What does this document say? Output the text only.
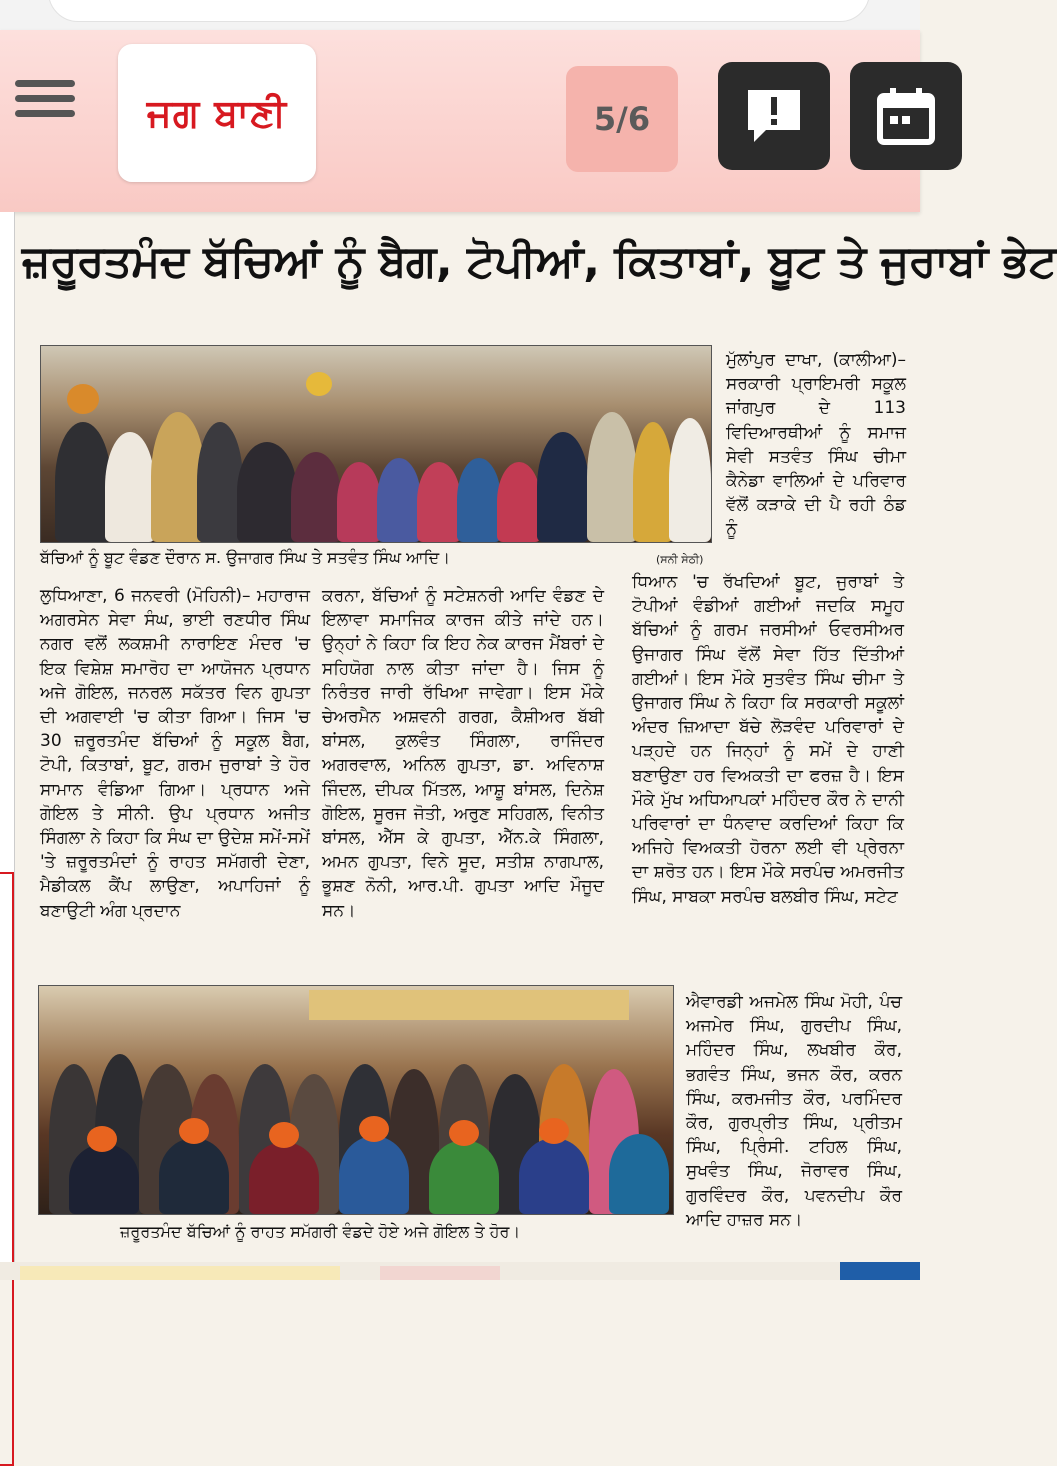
ਜਗ ਬਾਣੀ	5/6
ਜ਼ਰੂਰਤਮੰਦ ਬੱਚਿਆਂ ਨੂੰ ਬੈਗ, ਟੋਪੀਆਂ, ਕਿਤਾਬਾਂ, ਬੂਟ ਤੇ ਜੁਰਾਬਾਂ ਭੇਟ
ਬੱਚਿਆਂ ਨੂੰ ਬੂਟ ਵੰਡਣ ਦੌਰਾਨ ਸ. ਉਜਾਗਰ ਸਿੰਘ ਤੇ ਸਤਵੰਤ ਸਿੰਘ ਆਦਿ।	(ਸਨੀ ਸੇਠੀ)

ਮੁੱਲਾਂਪੁਰ ਦਾਖਾ, (ਕਾਲੀਆ)– ਸਰਕਾਰੀ ਪ੍ਰਾਇਮਰੀ ਸਕੂਲ ਜਾਂਗਪੁਰ ਦੇ 113 ਵਿਦਿਆਰਥੀਆਂ ਨੂੰ ਸਮਾਜ ਸੇਵੀ ਸਤਵੰਤ ਸਿੰਘ ਚੀਮਾ ਕੈਨੇਡਾ ਵਾਲਿਆਂ ਦੇ ਪਰਿਵਾਰ ਵੱਲੋਂ ਕੜਾਕੇ ਦੀ ਪੈ ਰਹੀ ਠੰਡ ਨੂੰ

ਧਿਆਨ 'ਚ ਰੱਖਦਿਆਂ ਬੂਟ, ਜੁਰਾਬਾਂ ਤੇ ਟੋਪੀਆਂ ਵੰਡੀਆਂ ਗਈਆਂ ਜਦਕਿ ਸਮੂਹ ਬੱਚਿਆਂ ਨੂੰ ਗਰਮ ਜਰਸੀਆਂ ਓਵਰਸੀਅਰ ਉਜਾਗਰ ਸਿੰਘ ਵੱਲੋਂ ਸੇਵਾ ਹਿੱਤ ਦਿੱਤੀਆਂ ਗਈਆਂ। ਇਸ ਮੌਕੇ ਸੁਤਵੰਤ ਸਿੰਘ ਚੀਮਾ ਤੇ ਉਜਾਗਰ ਸਿੰਘ ਨੇ ਕਿਹਾ ਕਿ ਸਰਕਾਰੀ ਸਕੂਲਾਂ ਅੰਦਰ ਜ਼ਿਆਦਾ ਬੱਚੇ ਲੋੜਵੰਦ ਪਰਿਵਾਰਾਂ ਦੇ ਪੜ੍ਹਦੇ ਹਨ ਜਿਨ੍ਹਾਂ ਨੂੰ ਸਮੇਂ ਦੇ ਹਾਣੀ ਬਣਾਉਣਾ ਹਰ ਵਿਅਕਤੀ ਦਾ ਫਰਜ਼ ਹੈ। ਇਸ ਮੌਕੇ ਮੁੱਖ ਅਧਿਆਪਕਾਂ ਮਹਿੰਦਰ ਕੌਰ ਨੇ ਦਾਨੀ ਪਰਿਵਾਰਾਂ ਦਾ ਧੰਨਵਾਦ ਕਰਦਿਆਂ ਕਿਹਾ ਕਿ ਅਜਿਹੇ ਵਿਅਕਤੀ ਹੋਰਨਾ ਲਈ ਵੀ ਪ੍ਰੇਰਨਾ ਦਾ ਸ਼ਰੋਤ ਹਨ। ਇਸ ਮੌਕੇ ਸਰਪੰਚ ਅਮਰਜੀਤ ਸਿੰਘ, ਸਾਬਕਾ ਸਰਪੰਚ ਬਲਬੀਰ ਸਿੰਘ, ਸਟੇਟ

ਲੁਧਿਆਣਾ, 6 ਜਨਵਰੀ (ਮੋਹਿਨੀ)– ਮਹਾਰਾਜ ਅਗਰਸੇਨ ਸੇਵਾ ਸੰਘ, ਭਾਈ ਰਣਧੀਰ ਸਿੰਘ ਨਗਰ ਵਲੋਂ ਲਕਸ਼ਮੀ ਨਾਰਾਇਣ ਮੰਦਰ 'ਚ ਇਕ ਵਿਸ਼ੇਸ਼ ਸਮਾਰੋਹ ਦਾ ਆਯੋਜਨ ਪ੍ਰਧਾਨ ਅਜੇ ਗੋਇਲ, ਜਨਰਲ ਸਕੱਤਰ ਵਿਨ ਗੁਪਤਾ ਦੀ ਅਗਵਾਈ 'ਚ ਕੀਤਾ ਗਿਆ। ਜਿਸ 'ਚ 30 ਜ਼ਰੂਰਤਮੰਦ ਬੱਚਿਆਂ ਨੂੰ ਸਕੂਲ ਬੈਗ, ਟੋਪੀ, ਕਿਤਾਬਾਂ, ਬੂਟ, ਗਰਮ ਜੁਰਾਬਾਂ ਤੇ ਹੋਰ ਸਾਮਾਨ ਵੰਡਿਆ ਗਿਆ। ਪ੍ਰਧਾਨ ਅਜੇ ਗੋਇਲ ਤੇ ਸੀਨੀ. ਉਪ ਪ੍ਰਧਾਨ ਅਜੀਤ ਸਿੰਗਲਾ ਨੇ ਕਿਹਾ ਕਿ ਸੰਘ ਦਾ ਉਦੇਸ਼ ਸਮੇਂ-ਸਮੇਂ 'ਤੇ ਜ਼ਰੂਰਤਮੰਦਾਂ ਨੂੰ ਰਾਹਤ ਸਮੱਗਰੀ ਦੇਣਾ, ਮੈਡੀਕਲ ਕੈਂਪ ਲਾਉਣਾ, ਅਪਾਹਿਜਾਂ ਨੂੰ ਬਣਾਉਟੀ ਅੰਗ ਪ੍ਰਦਾਨ

ਕਰਨਾ, ਬੱਚਿਆਂ ਨੂੰ ਸਟੇਸ਼ਨਰੀ ਆਦਿ ਵੰਡਣ ਦੇ ਇਲਾਵਾ ਸਮਾਜਿਕ ਕਾਰਜ ਕੀਤੇ ਜਾਂਦੇ ਹਨ। ਉਨ੍ਹਾਂ ਨੇ ਕਿਹਾ ਕਿ ਇਹ ਨੇਕ ਕਾਰਜ ਮੈਂਬਰਾਂ ਦੇ ਸਹਿਯੋਗ ਨਾਲ ਕੀਤਾ ਜਾਂਦਾ ਹੈ। ਜਿਸ ਨੂੰ ਨਿਰੰਤਰ ਜਾਰੀ ਰੱਖਿਆ ਜਾਵੇਗਾ। ਇਸ ਮੌਕੇ ਚੇਅਰਮੈਨ ਅਸ਼ਵਨੀ ਗਰਗ, ਕੈਸ਼ੀਅਰ ਬੱਬੀ ਬਾਂਸਲ, ਕੁਲਵੰਤ ਸਿੰਗਲਾ, ਰਾਜਿੰਦਰ ਅਗਰਵਾਲ, ਅਨਿਲ ਗੁਪਤਾ, ਡਾ. ਅਵਿਨਾਸ਼ ਜਿੰਦਲ, ਦੀਪਕ ਮਿੱਤਲ, ਆਸ਼ੂ ਬਾਂਸਲ, ਦਿਨੇਸ਼ ਗੋਇਲ, ਸੂਰਜ ਜੋਤੀ, ਅਰੁਣ ਸਹਿਗਲ, ਵਿਨੀਤ ਬਾਂਸਲ, ਐੱਸ ਕੇ ਗੁਪਤਾ, ਐੱਨ.ਕੇ ਸਿੰਗਲਾ, ਅਮਨ ਗੁਪਤਾ, ਵਿਨੇ ਸੂਦ, ਸਤੀਸ਼ ਨਾਗਪਾਲ, ਭੂਸ਼ਣ ਨੋਨੀ, ਆਰ.ਪੀ. ਗੁਪਤਾ ਆਦਿ ਮੌਜੂਦ ਸਨ।

ਜ਼ਰੂਰਤਮੰਦ ਬੱਚਿਆਂ ਨੂੰ ਰਾਹਤ ਸਮੱਗਰੀ ਵੰਡਦੇ ਹੋਏ ਅਜੇ ਗੋਇਲ ਤੇ ਹੋਰ।

ਐਵਾਰਡੀ ਅਜਮੇਲ ਸਿੰਘ ਮੋਹੀ, ਪੰਚ ਅਜਮੇਰ ਸਿੰਘ, ਗੁਰਦੀਪ ਸਿੰਘ, ਮਹਿੰਦਰ ਸਿੰਘ, ਲਖਬੀਰ ਕੌਰ, ਭਗਵੰਤ ਸਿੰਘ, ਭਜਨ ਕੌਰ, ਕਰਨ ਸਿੰਘ, ਕਰਮਜੀਤ ਕੌਰ, ਪਰਮਿੰਦਰ ਕੌਰ, ਗੁਰਪ੍ਰੀਤ ਸਿੰਘ, ਪ੍ਰੀਤਮ ਸਿੰਘ, ਪ੍ਰਿੰਸੀ. ਟਹਿਲ ਸਿੰਘ, ਸੁਖਵੰਤ ਸਿੰਘ, ਜੋਰਾਵਰ ਸਿੰਘ, ਗੁਰਵਿੰਦਰ ਕੌਰ, ਪਵਨਦੀਪ ਕੌਰ ਆਦਿ ਹਾਜ਼ਰ ਸਨ।
